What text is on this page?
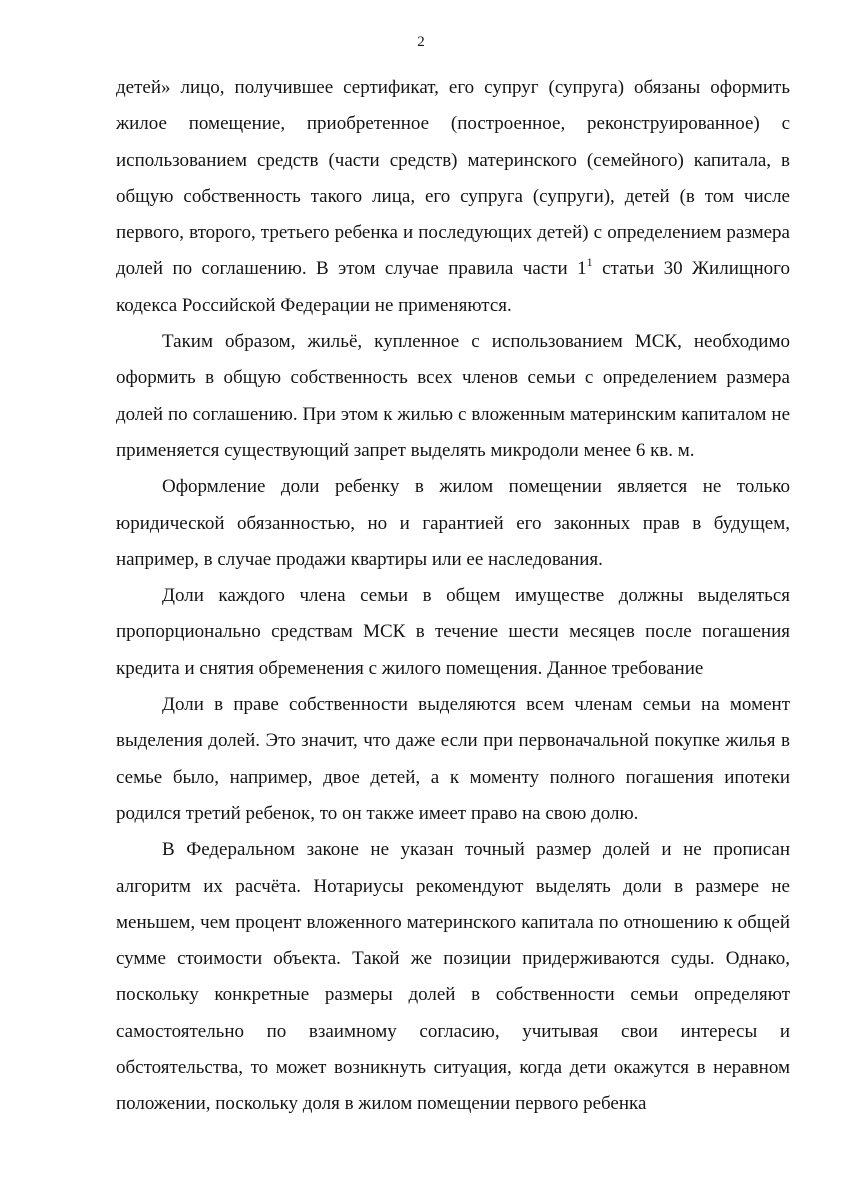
2

детей» лицо, получившее сертификат, его супруг (супруга) обязаны оформить жилое помещение, приобретенное (построенное, реконструированное) с использованием средств (части средств) материнского (семейного) капитала, в общую собственность такого лица, его супруга (супруги), детей (в том числе первого, второго, третьего ребенка и последующих детей) с определением размера долей по соглашению. В этом случае правила части $1^1$ статьи 30 Жилищного кодекса Российской Федерации не применяются.

Таким образом, жильё, купленное с использованием МСК, необходимо оформить в общую собственность всех членов семьи с определением размера долей по соглашению. При этом к жилью с вложенным материнским капиталом не применяется существующий запрет выделять микродоли менее 6 кв. м.

Оформление доли ребенку в жилом помещении является не только юридической обязанностью, но и гарантией его законных прав в будущем, например, в случае продажи квартиры или ее наследования.

Доли каждого члена семьи в общем имуществе должны выделяться пропорционально средствам МСК в течение шести месяцев после погашения кредита и снятия обременения с жилого помещения. Данное требование

Доли в праве собственности выделяются всем членам семьи на момент выделения долей. Это значит, что даже если при первоначальной покупке жилья в семье было, например, двое детей, а к моменту полного погашения ипотеки родился третий ребенок, то он также имеет право на свою долю.

В Федеральном законе не указан точный размер долей и не прописан алгоритм их расчёта. Нотариусы рекомендуют выделять доли в размере не меньшем, чем процент вложенного материнского капитала по отношению к общей сумме стоимости объекта. Такой же позиции придерживаются суды. Однако, поскольку конкретные размеры долей в собственности семьи определяют самостоятельно по взаимному согласию, учитывая свои интересы и обстоятельства, то может возникнуть ситуация, когда дети окажутся в неравном положении, поскольку доля в жилом помещении первого ребенка
